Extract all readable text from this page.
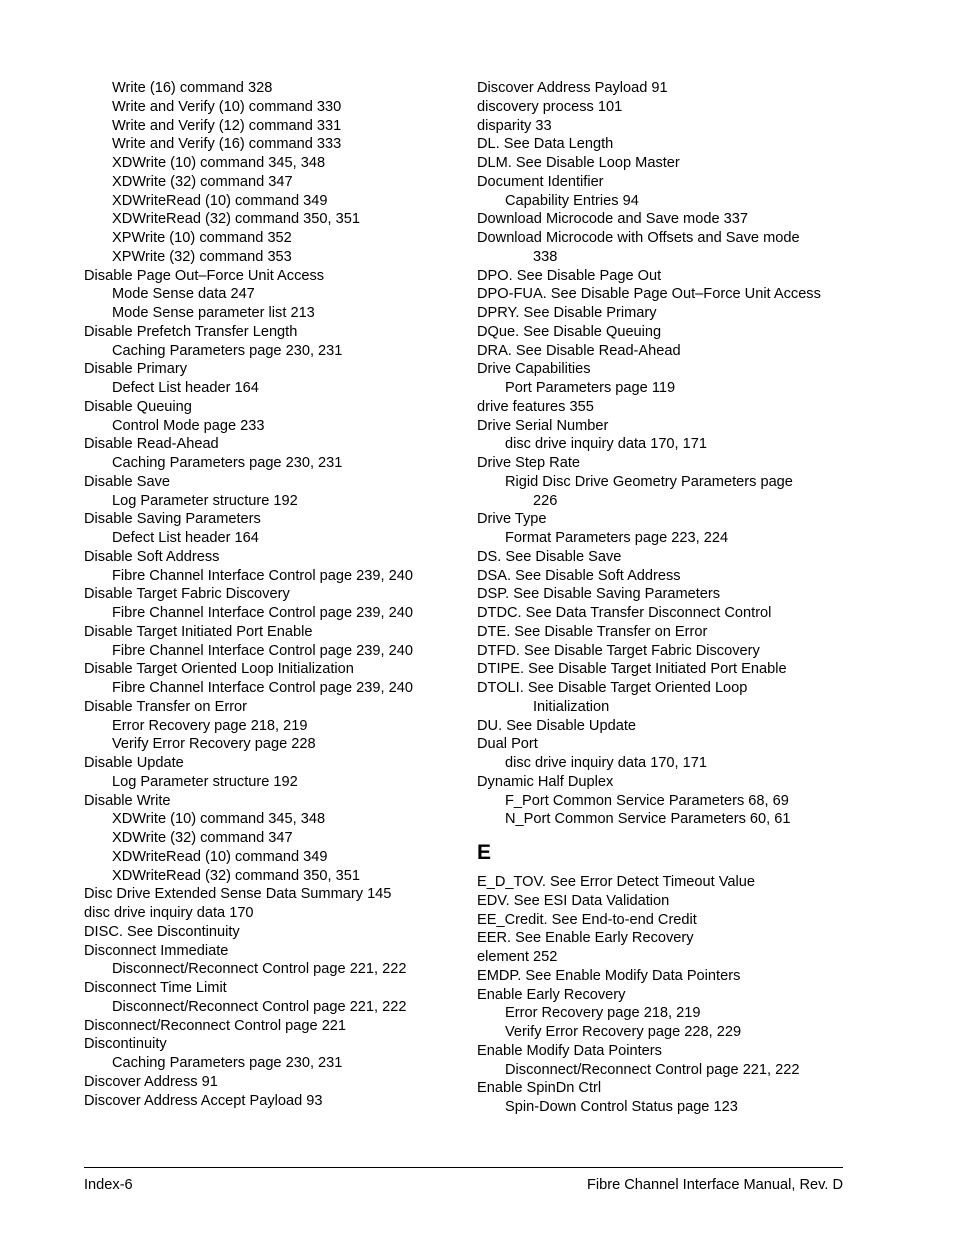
Write (16) command 328
Write and Verify (10) command 330
Write and Verify (12) command 331
Write and Verify (16) command 333
XDWrite (10) command 345, 348
XDWrite (32) command 347
XDWriteRead (10) command 349
XDWriteRead (32) command 350, 351
XPWrite (10) command 352
XPWrite (32) command 353
Disable Page Out–Force Unit Access
Mode Sense data 247
Mode Sense parameter list 213
Disable Prefetch Transfer Length
Caching Parameters page 230, 231
Disable Primary
Defect List header 164
Disable Queuing
Control Mode page 233
Disable Read-Ahead
Caching Parameters page 230, 231
Disable Save
Log Parameter structure 192
Disable Saving Parameters
Defect List header 164
Disable Soft Address
Fibre Channel Interface Control page 239, 240
Disable Target Fabric Discovery
Fibre Channel Interface Control page 239, 240
Disable Target Initiated Port Enable
Fibre Channel Interface Control page 239, 240
Disable Target Oriented Loop Initialization
Fibre Channel Interface Control page 239, 240
Disable Transfer on Error
Error Recovery page 218, 219
Verify Error Recovery page 228
Disable Update
Log Parameter structure 192
Disable Write
XDWrite (10) command 345, 348
XDWrite (32) command 347
XDWriteRead (10) command 349
XDWriteRead (32) command 350, 351
Disc Drive Extended Sense Data Summary 145
disc drive inquiry data 170
DISC. See Discontinuity
Disconnect Immediate
Disconnect/Reconnect Control page 221, 222
Disconnect Time Limit
Disconnect/Reconnect Control page 221, 222
Disconnect/Reconnect Control page 221
Discontinuity
Caching Parameters page 230, 231
Discover Address 91
Discover Address Accept Payload 93
Discover Address Payload 91
discovery process 101
disparity 33
DL. See Data Length
DLM. See Disable Loop Master
Document Identifier
Capability Entries 94
Download Microcode and Save mode 337
Download Microcode with Offsets and Save mode
338
DPO. See Disable Page Out
DPO-FUA. See Disable Page Out–Force Unit Access
DPRY. See Disable Primary
DQue. See Disable Queuing
DRA. See Disable Read-Ahead
Drive Capabilities
Port Parameters page 119
drive features 355
Drive Serial Number
disc drive inquiry data 170, 171
Drive Step Rate
Rigid Disc Drive Geometry Parameters page
226
Drive Type
Format Parameters page 223, 224
DS. See Disable Save
DSA. See Disable Soft Address
DSP. See Disable Saving Parameters
DTDC. See Data Transfer Disconnect Control
DTE. See Disable Transfer on Error
DTFD. See Disable Target Fabric Discovery
DTIPE. See Disable Target Initiated Port Enable
DTOLI. See Disable Target Oriented Loop
Initialization
DU. See Disable Update
Dual Port
disc drive inquiry data 170, 171
Dynamic Half Duplex
F_Port Common Service Parameters 68, 69
N_Port Common Service Parameters 60, 61
E
E_D_TOV. See Error Detect Timeout Value
EDV. See ESI Data Validation
EE_Credit. See End-to-end Credit
EER. See Enable Early Recovery
element 252
EMDP. See Enable Modify Data Pointers
Enable Early Recovery
Error Recovery page 218, 219
Verify Error Recovery page 228, 229
Enable Modify Data Pointers
Disconnect/Reconnect Control page 221, 222
Enable SpinDn Ctrl
Spin-Down Control Status page 123
Index-6	Fibre Channel Interface Manual, Rev. D
